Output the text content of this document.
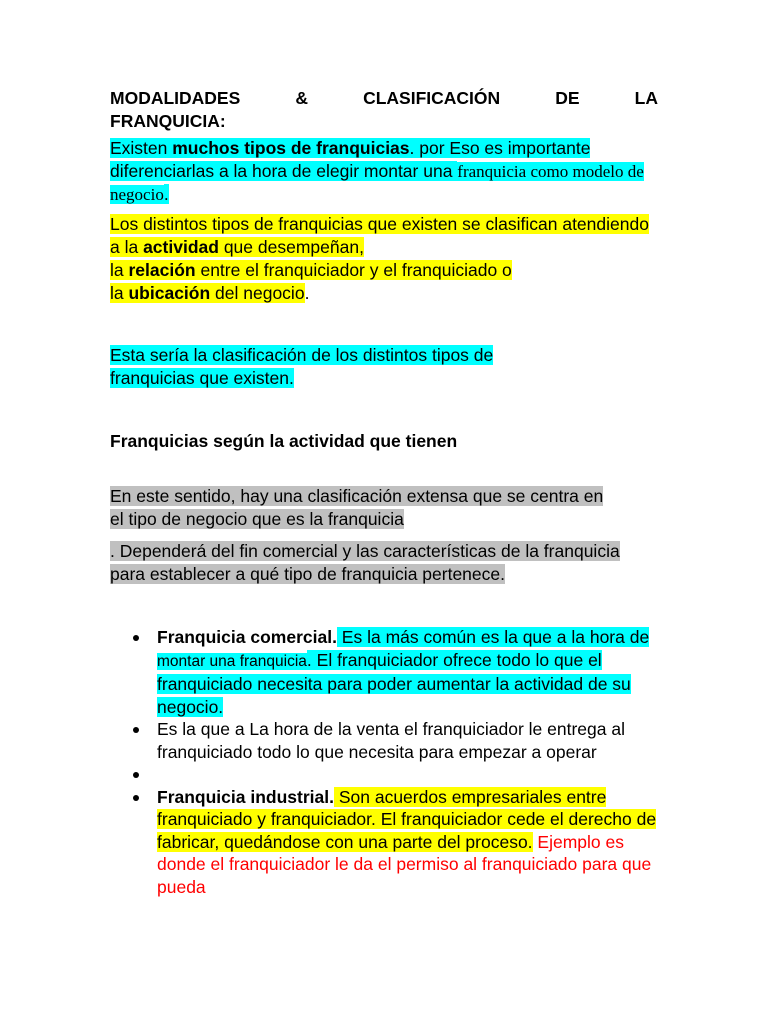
MODALIDADES	&	CLASIFICACIÓN	DE	LA
FRANQUICIA:
Existen muchos tipos de franquicias. por Eso es importante diferenciarlas a la hora de elegir montar una franquicia como modelo de negocio.
Los distintos tipos de franquicias que existen se clasifican atendiendo a la actividad que desempeñan,
la relación entre el franquiciador y el franquiciado o
la ubicación del negocio.
Esta sería la clasificación de los distintos tipos de franquicias que existen.
Franquicias según la actividad que tienen
En este sentido, hay una clasificación extensa que se centra en el tipo de negocio que es la franquicia
. Dependerá del fin comercial y las características de la franquicia para establecer a qué tipo de franquicia pertenece.
Franquicia comercial. Es la más común es la que a la hora de montar una franquicia. El franquiciador ofrece todo lo que el franquiciado necesita para poder aumentar la actividad de su negocio.
Es la que a La hora de la venta el franquiciador le entrega al franquiciado todo lo que necesita para empezar a operar
Franquicia industrial. Son acuerdos empresariales entre franquiciado y franquiciador. El franquiciador cede el derecho de fabricar, quedándose con una parte del proceso. Ejemplo es donde el franquiciador le da el permiso al franquiciado para que pueda
